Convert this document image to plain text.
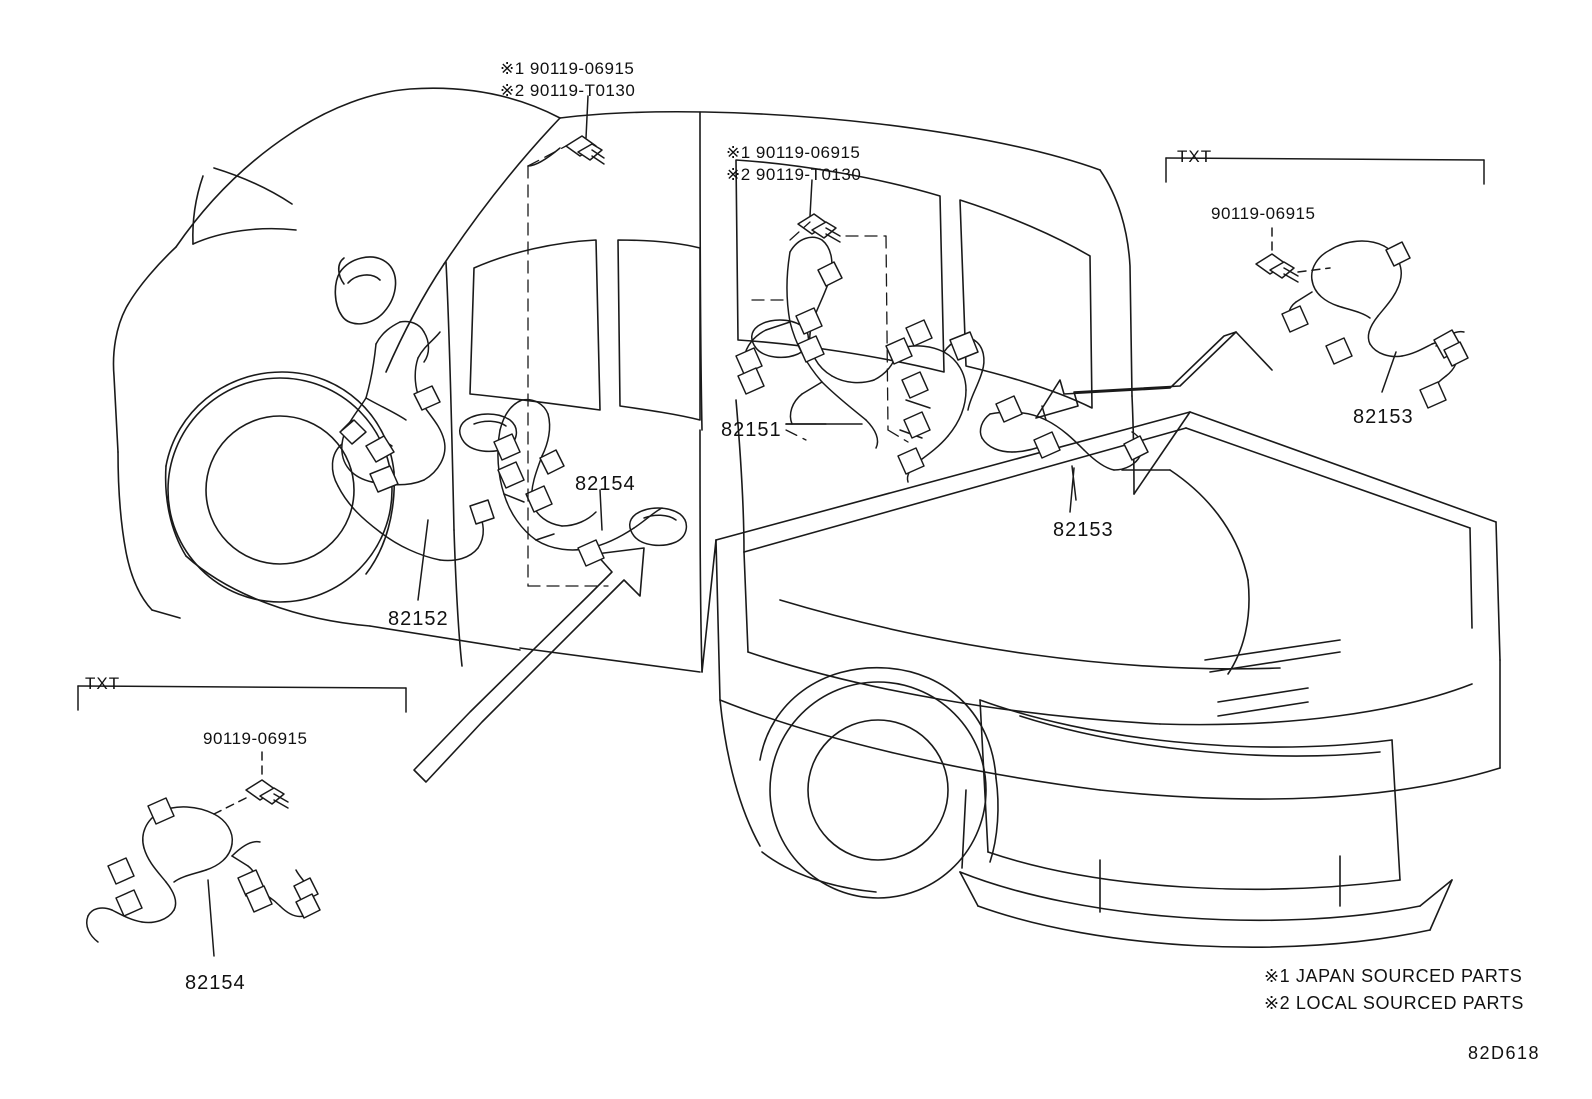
※1 90119-06915
※2 90119-T0130
※1 90119-06915
※2 90119-T0130
82151
82154
82152
82153
TXT
90119-06915
82153
TXT
90119-06915
82154	※1 JAPAN SOURCED PARTS
※2 LOCAL SOURCED PARTS
82D618
